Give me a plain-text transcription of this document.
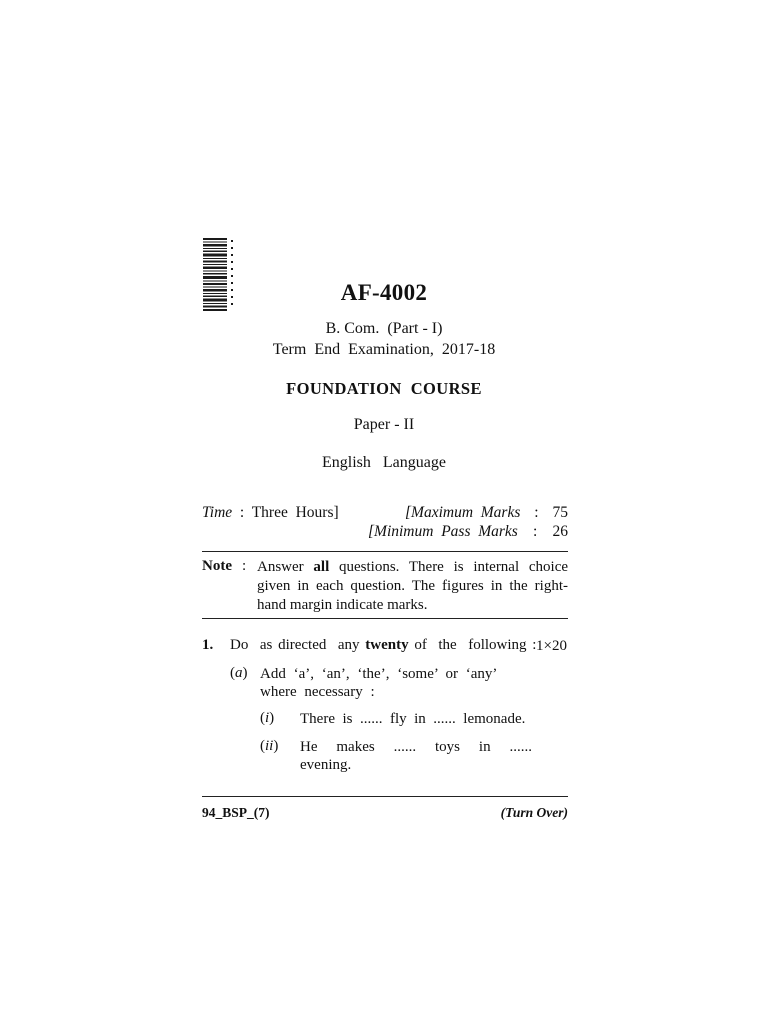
AF-4002
B. Com.  (Part - I)
Term  End  Examination,  2017-18
FOUNDATION  COURSE
Paper - II
English   Language
Time : Three  Hours]	[Maximum  Marks : 75
[Minimum  Pass  Marks : 26
Note : Answer all questions. There is internal choice given in each question. The figures in the right-hand margin indicate marks.
1. Do  as directed  any twenty of  the  following : 1×20
(a) Add ‘a’, ‘an’, ‘the’, ‘some’ or ‘any’ where necessary :
(i) There  is  ......  fly  in  ......  lemonade.
(ii) He makes ...... toys in ......
evening.
94_BSP_(7)	(Turn Over)
